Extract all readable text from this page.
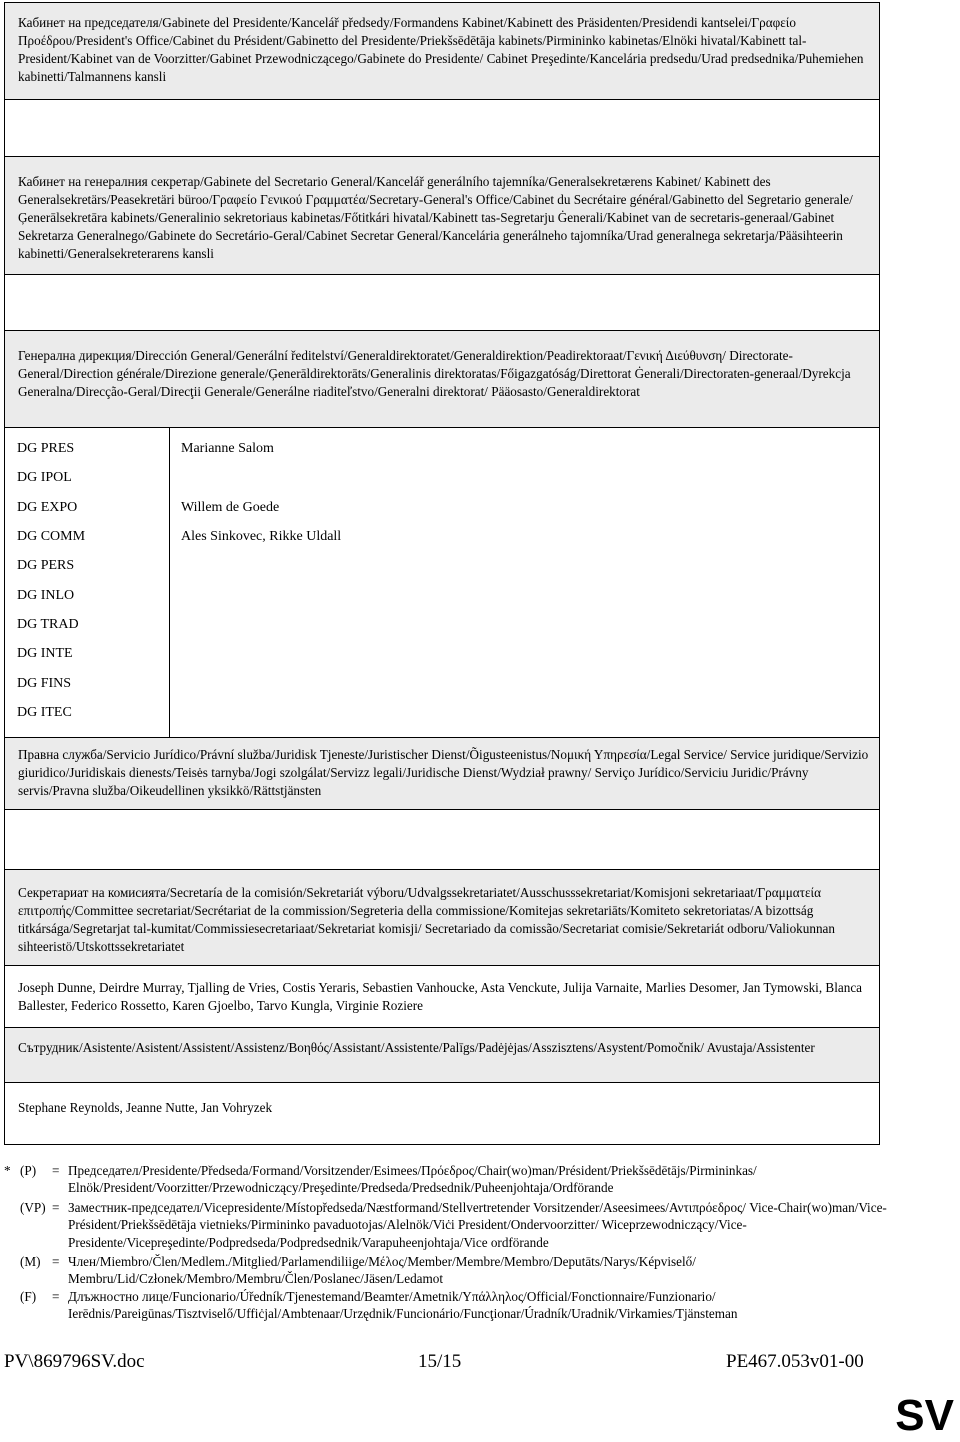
Кабинет на председателя/Gabinete del Presidente/Kancelář předsedy/Formandens Kabinet/Kabinett des Präsidenten/Presidendi kantselei/Γραφείο Προέδρου/President's Office/Cabinet du Président/Gabinetto del Presidente/Priekšsēdētāja kabinets/Pirmininko kabinetas/Elnöki hivatal/Kabinett tal-President/Kabinet van de Voorzitter/Gabinet Przewodniczącego/Gabinete do Presidente/ Cabinet Preşedinte/Kancelária predsedu/Urad predsednika/Puhemiehen kabinetti/Talmannens kansli
Кабинет на генералния секретар/Gabinete del Secretario General/Kancelář generálního tajemníka/Generalsekretærens Kabinet/ Kabinett des Generalsekretärs/Peasekretäri büroo/Γραφείο Γενικού Γραμματέα/Secretary-General's Office/Cabinet du Secrétaire général/Gabinetto del Segretario generale/Ģenerālsekretāra kabinets/Generalinio sekretoriaus kabinetas/Főtitkári hivatal/Kabinett tas-Segretarju Ġenerali/Kabinet van de secretaris-generaal/Gabinet Sekretarza Generalnego/Gabinete do Secretário-Geral/Cabinet Secretar General/Kancelária generálneho tajomníka/Urad generalnega sekretarja/Pääsihteerin kabinetti/Generalsekreterarens kansli
Генерална дирекция/Dirección General/Generální ředitelství/Generaldirektoratet/Generaldirektion/Peadirektoraat/Γενική Διεύθυνση/ Directorate-General/Direction générale/Direzione generale/Ģenerāldirektorāts/Generalinis direktoratas/Főigazgatóság/Direttorat Ġenerali/Directoraten-generaal/Dyrekcja Generalna/Direcção-Geral/Direcţii Generale/Generálne riaditeľstvo/Generalni direktorat/ Pääosasto/Generaldirektorat
DG PRES
DG IPOL
DG EXPO
DG COMM
DG PERS
DG INLO
DG TRAD
DG INTE
DG FINS
DG ITEC
Marianne Salom
Willem de Goede
Ales Sinkovec, Rikke Uldall
Правна служба/Servicio Jurídico/Právní služba/Juridisk Tjeneste/Juristischer Dienst/Õigusteenistus/Νομική Υπηρεσία/Legal Service/ Service juridique/Servizio giuridico/Juridiskais dienests/Teisės tarnyba/Jogi szolgálat/Servizz legali/Juridische Dienst/Wydział prawny/ Serviço Jurídico/Serviciu Juridic/Právny servis/Pravna služba/Oikeudellinen yksikkö/Rättstjänsten
Секретариат на комисията/Secretaría de la comisión/Sekretariát výboru/Udvalgssekretariatet/Ausschusssekretariat/Komisjoni sekretariaat/Γραμματεία επιτροπής/Committee secretariat/Secrétariat de la commission/Segreteria della commissione/Komitejas sekretariāts/Komiteto sekretoriatas/A bizottság titkársága/Segretarjat tal-kumitat/Commissiesecretariaat/Sekretariat komisji/ Secretariado da comissão/Secretariat comisie/Sekretariát odboru/Valiokunnan sihteeristö/Utskottssekretariatet
Joseph Dunne, Deirdre Murray, Tjalling de Vries, Costis Yeraris, Sebastien Vanhoucke, Asta Venckute, Julija Varnaite, Marlies Desomer, Jan Tymowski, Blanca Ballester, Federico Rossetto, Karen Gjoelbo, Tarvo Kungla, Virginie Roziere
Сътрудник/Asistente/Asistent/Assistent/Assistenz/Βοηθός/Assistant/Assistente/Palīgs/Padėjėjas/Asszisztens/Asystent/Pomočnik/ Avustaja/Assistenter
Stephane Reynolds, Jeanne Nutte, Jan Vohryzek
* (P) = Председател/Presidente/Předseda/Formand/Vorsitzender/Esimees/Πρόεδρος/Chair(wo)man/Président/Priekšsēdētājs/Pirmininkas/ Elnök/President/Voorzitter/Przewodniczący/Preşedinte/Predseda/Predsednik/Puheenjohtaja/Ordförande
(VP) = Заместник-председател/Vicepresidente/Místopředseda/Næstformand/Stellvertretender Vorsitzender/Aseesimees/Αντιπρόεδρος/ Vice-Chair(wo)man/Vice-Président/Priekšsēdētāja vietnieks/Pirmininko pavaduotojas/Alelnök/Viċi President/Ondervoorzitter/ Wiceprzewodniczący/Vice-Presidente/Vicepreşedinte/Podpredseda/Podpredsednik/Varapuheenjohtaja/Vice ordförande
(M) = Член/Miembro/Člen/Medlem./Mitglied/Parlamendiliige/Μέλος/Member/Membre/Membro/Deputāts/Narys/Képviselő/ Membru/Lid/Członek/Membro/Membru/Člen/Poslanec/Jäsen/Ledamot
(F) = Длъжностно лице/Funcionario/Úředník/Tjenestemand/Beamter/Ametnik/Υπάλληλος/Official/Fonctionnaire/Funzionario/ Ierēdnis/Pareigūnas/Tisztviselő/Uffiċjal/Ambtenaar/Urzędnik/Funcionário/Funcţionar/Úradník/Uradnik/Virkamies/Tjänsteman
PV\869796SV.doc	15/15	PE467.053v01-00
SV
